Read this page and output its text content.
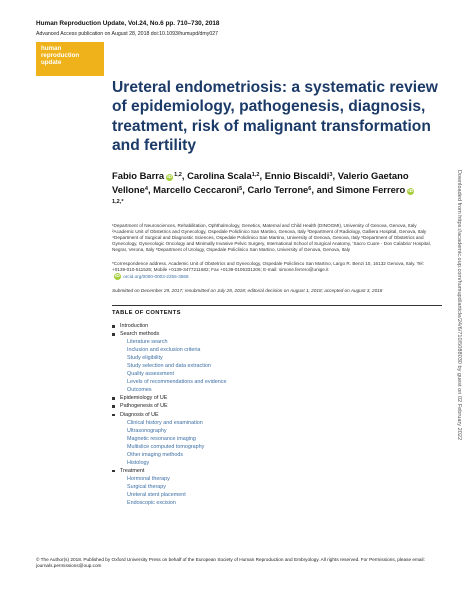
Human Reproduction Update, Vol.24, No.6 pp. 710–730, 2018
Advanced Access publication on August 28, 2018 doi:10.1093/humupd/dmy027
human reproduction update
Ureteral endometriosis: a systematic review of epidemiology, pathogenesis, diagnosis, treatment, risk of malignant transformation and fertility
Fabio Barra iD $^{1,2}$, Carolina Scala$^{1,2}$, Ennio Biscaldi$^3$, Valerio Gaetano Vellone$^4$, Marcello Ceccaroni$^5$, Carlo Terrone$^6$, and Simone Ferrero $iD^{1,2,*}$
¹Department of Neurosciences, Rehabilitation, Ophthalmology, Genetics, Maternal and Child Health (DINOGMI), University of Genova, Genova, Italy ²Academic Unit of Obstetrics and Gynecology, Ospedale Policlinico San Martino, Genova, Italy ³Department of Radiology, Galliera Hospital, Genova, Italy ⁴Department of Surgical and Diagnostic Sciences, Ospedale Policlinico San Martino, University of Genova, Genova, Italy ⁵Department of Obstetrics and Gynecology, Gynecologic Oncology and Minimally Invasive Pelvic Surgery, International School of Surgical Anatomy, ‘Sacro Cuore - Don Calabria’ Hospital, Negrar, Verona, Italy ⁶Department of Urology, Ospedale Policlinico San Martino, University of Genova, Genova, Italy
*Correspondence address. Academic Unit of Obstetrics and Gynecology, Ospedale Policlinico San Martino, Largo R. Benzi 10, 16132 Genova, Italy. Tel: +0139-010-511525; Mobile +0139-3477211682; Fax +0139-0105331206; E-mail: simone.ferrero@unige.it
iD orcid.org/0000-0003-2255-3568
Submitted on December 29, 2017; resubmitted on July 28, 2018; editorial decision on August 1, 2018; accepted on August 3, 2018
TABLE OF CONTENTS
Introduction
Search methods
Literature search
Inclusion and exclusion criteria
Study eligibility
Study selection and data extraction
Quality assessment
Levels of recommendations and evidence
Outcomes
Epidemiology of UE
Pathogenesis of UE
Diagnosis of UE
Clinical history and examination
Ultrasonography
Magnetic resonance imaging
Multislice computed tomography
Other imaging methods
Histology
Treatment
Hormonal therapy
Surgical therapy
Ureteral stent placement
Endoscopic excision
Downloaded from https://academic.oup.com/humupd/article/24/6/710/5088030 by guest on 02 February 2022
© The Author(s) 2018. Published by Oxford University Press on behalf of the European Society of Human Reproduction and Embryology. All rights reserved. For Permissions, please email: journals.permissions@oup.com
